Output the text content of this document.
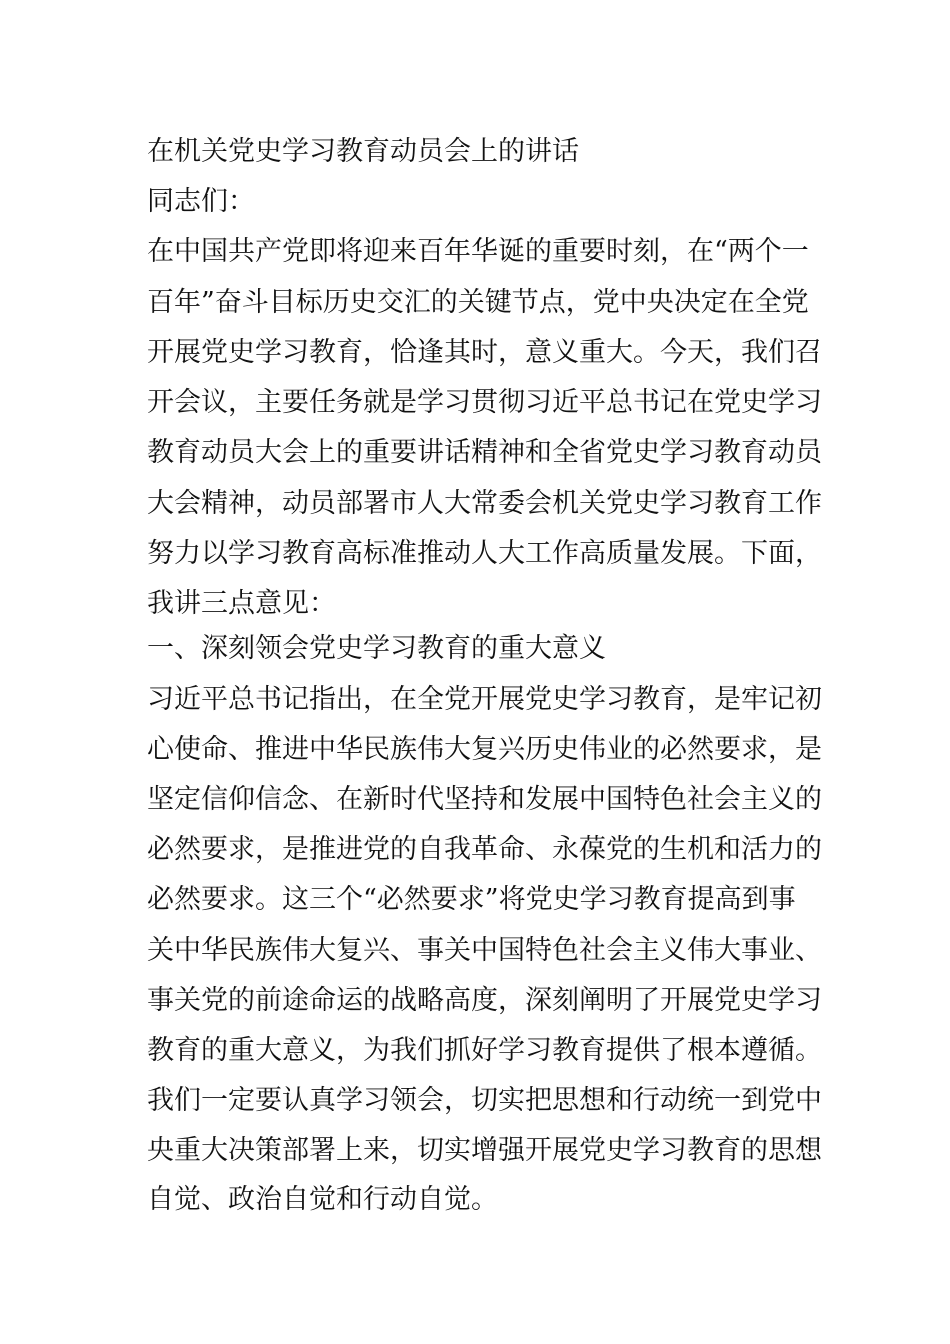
在机关党史学习教育动员会上的讲话
同志们：
在中国共产党即将迎来百年华诞的重要时刻，在“两个一
百年”奋斗目标历史交汇的关键节点，党中央决定在全党
开展党史学习教育，恰逢其时，意义重大。今天，我们召
开会议，主要任务就是学习贯彻习近平总书记在党史学习
教育动员大会上的重要讲话精神和全省党史学习教育动员
大会精神，动员部署市人大常委会机关党史学习教育工作
努力以学习教育高标准推动人大工作高质量发展。下面，
我讲三点意见：
一、深刻领会党史学习教育的重大意义
习近平总书记指出，在全党开展党史学习教育，是牢记初
心使命、推进中华民族伟大复兴历史伟业的必然要求，是
坚定信仰信念、在新时代坚持和发展中国特色社会主义的
必然要求，是推进党的自我革命、永葆党的生机和活力的
必然要求。这三个“必然要求”将党史学习教育提高到事
关中华民族伟大复兴、事关中国特色社会主义伟大事业、
事关党的前途命运的战略高度，深刻阐明了开展党史学习
教育的重大意义，为我们抓好学习教育提供了根本遵循。
我们一定要认真学习领会，切实把思想和行动统一到党中
央重大决策部署上来，切实增强开展党史学习教育的思想
自觉、政治自觉和行动自觉。
